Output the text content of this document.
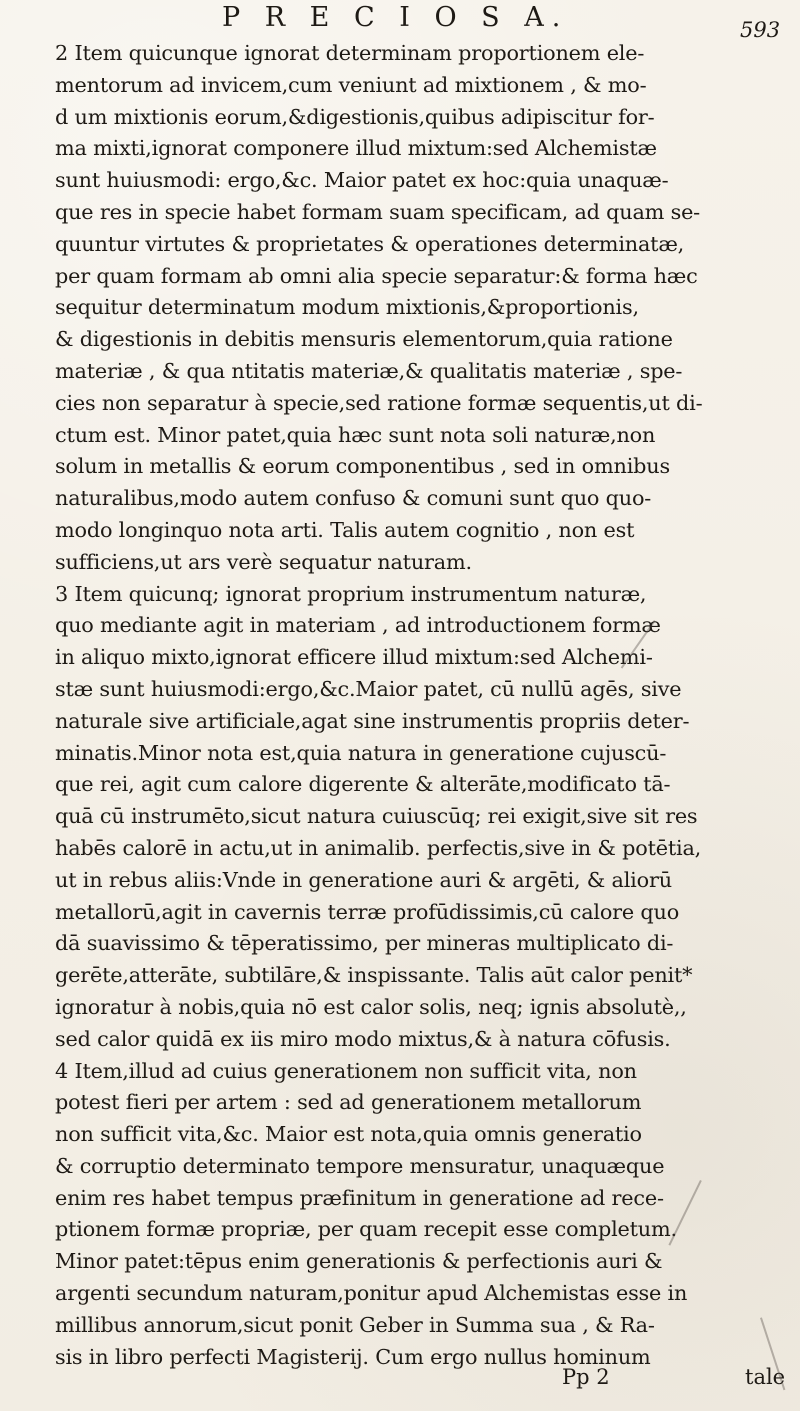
P R E C I O S A.	593
2 Item quicunque ignorat determinam proportionem ele-
mentorum ad invicem,cum veniunt ad mixtionem , & mo-
d um mixtionis eorum,&digestionis,quibus adipiscitur for-
ma mixti,ignorat componere illud mixtum:sed Alchemistæ
sunt huiusmodi: ergo,&c. Maior patet ex hoc:quia unaquæ-
que res in specie habet formam suam specificam, ad quam se-
quuntur virtutes & proprietates & operationes determinatæ,
per quam formam ab omni alia specie separatur:& forma hæc
sequitur determinatum modum mixtionis,&proportionis,
& digestionis in debitis mensuris elementorum,quia ratione
materiæ , & qua ntitatis materiæ,& qualitatis materiæ , spe-
cies non separatur à specie,sed ratione formæ sequentis,ut di-
ctum est. Minor patet,quia hæc sunt nota soli naturæ,non
solum in metallis & eorum componentibus , sed in omnibus
naturalibus,modo autem confuso & comuni sunt quo quo-
modo longinquo nota arti. Talis autem cognitio , non est
sufficiens,ut ars verè sequatur naturam.
3 Item quicunq; ignorat proprium instrumentum naturæ,
quo mediante agit in materiam , ad introductionem formæ
in aliquo mixto,ignorat efficere illud mixtum:sed Alchemi-
stæ sunt huiusmodi:ergo,&c.Maior patet, cū nullū agēs, sive
naturale sive artificiale,agat sine instrumentis propriis deter-
minatis.Minor nota est,quia natura in generatione cujuscū-
que rei, agit cum calore digerente & alterāte,modificato tā-
quā cū instrumēto,sicut natura cuiuscūq; rei exigit,sive sit res
habēs calorē in actu,ut in animalib. perfectis,sive in & potētia,
ut in rebus aliis:Vnde in generatione auri & argēti, & aliorū
metallorū,agit in cavernis terræ profūdissimis,cū calore quo
dā suavissimo & tēperatissimo, per mineras multiplicato di-
gerēte,atterāte, subtilāre,& inspissante. Talis aūt calor penit*
ignoratur à nobis,quia nō est calor solis, neq; ignis absolutè,,
sed calor quidā ex iis miro modo mixtus,& à natura cōfusis.
4 Item,illud ad cuius generationem non sufficit vita, non
potest fieri per artem : sed ad generationem metallorum
non sufficit vita,&c. Maior est nota,quia omnis generatio
& corruptio determinato tempore mensuratur, unaquæque
enim res habet tempus præfinitum in generatione ad rece-
ptionem formæ propriæ, per quam recepit esse completum.
Minor patet:tēpus enim generationis & perfectionis auri &
argenti secundum naturam,ponitur apud Alchemistas esse in
millibus annorum,sicut ponit Geber in Summa sua , & Ra-
sis in libro perfecti Magisterij. Cum ergo nullus hominum
Pp 2	tale
